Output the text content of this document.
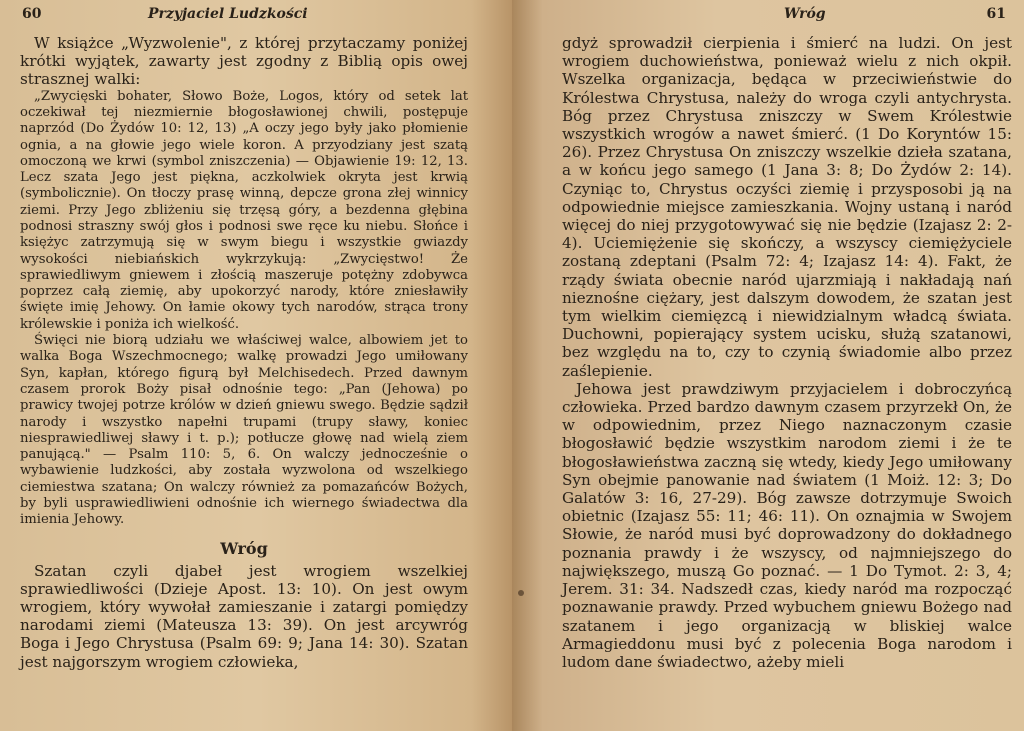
60	Przyjaciel Ludzkości

W książce „Wyzwolenie", z której przytaczamy poniżej krótki wyjątek, zawarty jest zgodny z Biblią opis owej strasznej walki:

„Zwycięski bohater, Słowo Boże, Logos, który od setek lat oczekiwał tej niezmiernie błogosławionej chwili, postępuje naprzód (Do Żydów 10: 12, 13) „A oczy jego były jako płomienie ognia, a na głowie jego wiele koron. A przyodziany jest szatą omoczoną we krwi (symbol zniszczenia) — Objawienie 19: 12, 13. Lecz szata Jego jest piękna, aczkolwiek okryta jest krwią (symbolicznie). On tłoczy prasę winną, depcze grona złej winnicy ziemi. Przy Jego zbliżeniu się trzęsą góry, a bezdenna głębina podnosi straszny swój głos i podnosi swe ręce ku niebu. Słońce i księżyc zatrzymują się w swym biegu i wszystkie gwiazdy wysokości niebiańskich wykrzykują: „Zwycięstwo! Że sprawiedliwym gniewem i złością maszeruje potężny zdobywca poprzez całą ziemię, aby upokorzyć narody, które zniesławiły święte imię Jehowy. On łamie okowy tych narodów, strąca trony królewskie i poniża ich wielkość.

Święci nie biorą udziału we właściwej walce, albowiem jet to walka Boga Wszechmocnego; walkę prowadzi Jego umiłowany Syn, kapłan, którego figurą był Melchisedech. Przed dawnym czasem prorok Boży pisał odnośnie tego: „Pan (Jehowa) po prawicy twojej potrze królów w dzień gniewu swego. Będzie sądził narody i wszystko napełni trupami (trupy sławy, koniec niesprawiedliwej sławy i t. p.); potłucze głowę nad wielą ziem panującą." — Psalm 110: 5, 6. On walczy jednocześnie o wybawienie ludzkości, aby została wyzwolona od wszelkiego ciemiestwa szatana; On walczy również za pomazańców Bożych, by byli usprawiedliwieni odnośnie ich wiernego świadectwa dla imienia Jehowy.

Wróg

Szatan czyli djabeł jest wrogiem wszelkiej sprawiedliwości (Dzieje Apost. 13: 10). On jest owym wrogiem, który wywołał zamieszanie i zatargi pomiędzy narodami ziemi (Mateusza 13: 39). On jest arcywróg Boga i Jego Chrystusa (Psalm 69: 9; Jana 14: 30). Szatan jest najgorszym wrogiem człowieka,

Wróg	61

gdyż sprowadził cierpienia i śmierć na ludzi. On jest wrogiem duchowieństwa, ponieważ wielu z nich okpił. Wszelka organizacja, będąca w przeciwieństwie do Królestwa Chrystusa, należy do wroga czyli antychrysta. Bóg przez Chrystusa zniszczy w Swem Królestwie wszystkich wrogów a nawet śmierć. (1 Do Koryntów 15: 26). Przez Chrystusa On zniszczy wszelkie dzieła szatana, a w końcu jego samego (1 Jana 3: 8; Do Żydów 2: 14). Czyniąc to, Chrystus oczyści ziemię i przysposobi ją na odpowiednie miejsce zamieszkania. Wojny ustaną i naród więcej do niej przygotowywać się nie będzie (Izajasz 2: 2-4). Uciemiężenie się skończy, a wszyscy ciemiężyciele zostaną zdeptani (Psalm 72: 4; Izajasz 14: 4). Fakt, że rządy świata obecnie naród ujarzmiają i nakładają nań nieznośne ciężary, jest dalszym dowodem, że szatan jest tym wielkim ciemięzcą i niewidzialnym władcą świata. Duchowni, popierający system ucisku, służą szatanowi, bez względu na to, czy to czynią świadomie albo przez zaślepienie.

Jehowa jest prawdziwym przyjacielem i dobroczyńcą człowieka. Przed bardzo dawnym czasem przyrzekł On, że w odpowiednim, przez Niego naznaczonym czasie błogosławić będzie wszystkim narodom ziemi i że te błogosławieństwa zaczną się wtedy, kiedy Jego umiłowany Syn obejmie panowanie nad światem (1 Moiż. 12: 3; Do Galatów 3: 16, 27-29). Bóg zawsze dotrzymuje Swoich obietnic (Izajasz 55: 11; 46: 11). On oznajmia w Swojem Słowie, że naród musi być doprowadzony do dokładnego poznania prawdy i że wszyscy, od najmniejszego do największego, muszą Go poznać. — 1 Do Tymot. 2: 3, 4; Jerem. 31: 34. Nadszedł czas, kiedy naród ma rozpocząć poznawanie prawdy. Przed wybuchem gniewu Bożego nad szatanem i jego organizacją w bliskiej walce Armagieddonu musi być z polecenia Boga narodom i ludom dane świadectwo, ażeby mieli
